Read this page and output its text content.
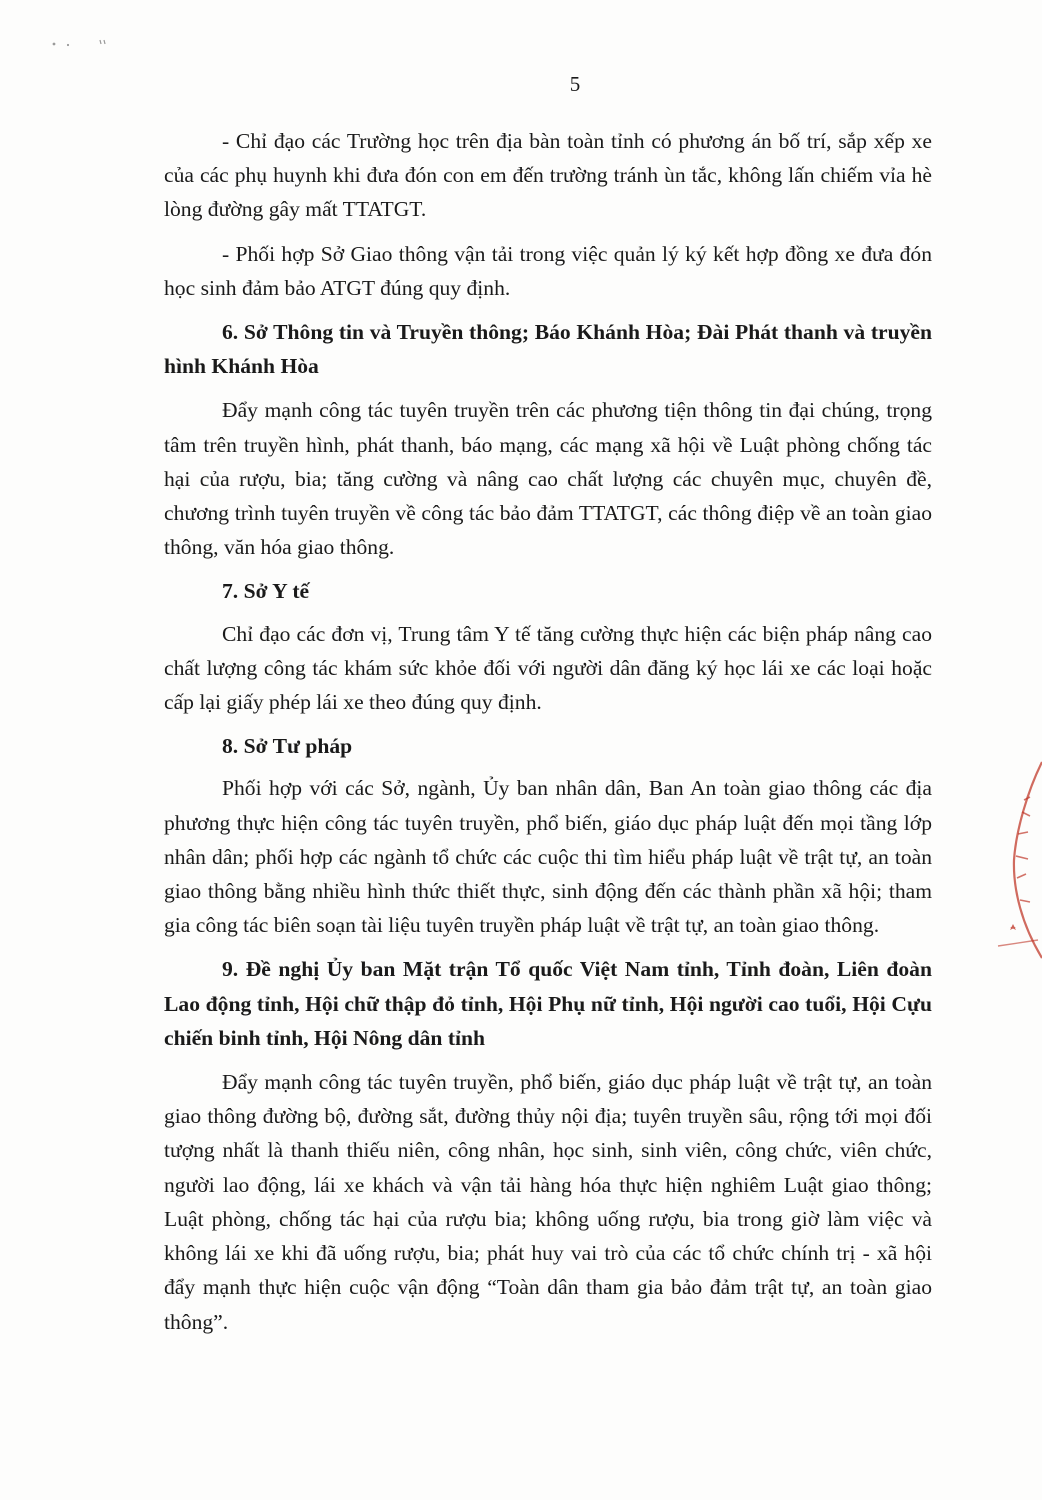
5

- Chỉ đạo các Trường học trên địa bàn toàn tỉnh có phương án bố trí, sắp xếp xe của các phụ huynh khi đưa đón con em đến trường tránh ùn tắc, không lấn chiếm vỉa hè lòng đường gây mất TTATGT.

- Phối hợp Sở Giao thông vận tải trong việc quản lý ký kết hợp đồng xe đưa đón học sinh đảm bảo ATGT đúng quy định.

6. Sở Thông tin và Truyền thông; Báo Khánh Hòa; Đài Phát thanh và truyền hình Khánh Hòa

Đẩy mạnh công tác tuyên truyền trên các phương tiện thông tin đại chúng, trọng tâm trên truyền hình, phát thanh, báo mạng, các mạng xã hội về Luật phòng chống tác hại của rượu, bia; tăng cường và nâng cao chất lượng các chuyên mục, chuyên đề, chương trình tuyên truyền về công tác bảo đảm TTATGT, các thông điệp về an toàn giao thông, văn hóa giao thông.

7. Sở Y tế

Chỉ đạo các đơn vị, Trung tâm Y tế tăng cường thực hiện các biện pháp nâng cao chất lượng công tác khám sức khỏe đối với người dân đăng ký học lái xe các loại hoặc cấp lại giấy phép lái xe theo đúng quy định.

8. Sở Tư pháp

Phối hợp với các Sở, ngành, Ủy ban nhân dân, Ban An toàn giao thông các địa phương thực hiện công tác tuyên truyền, phổ biến, giáo dục pháp luật đến mọi tầng lớp nhân dân; phối hợp các ngành tổ chức các cuộc thi tìm hiểu pháp luật về trật tự, an toàn giao thông bằng nhiều hình thức thiết thực, sinh động đến các thành phần xã hội; tham gia công tác biên soạn tài liệu tuyên truyền pháp luật về trật tự, an toàn giao thông.

9. Đề nghị Ủy ban Mặt trận Tổ quốc Việt Nam tỉnh, Tỉnh đoàn, Liên đoàn Lao động tỉnh, Hội chữ thập đỏ tỉnh, Hội Phụ nữ tỉnh, Hội người cao tuổi, Hội Cựu chiến binh tỉnh, Hội Nông dân tỉnh

Đẩy mạnh công tác tuyên truyền, phổ biến, giáo dục pháp luật về trật tự, an toàn giao thông đường bộ, đường sắt, đường thủy nội địa; tuyên truyền sâu, rộng tới mọi đối tượng nhất là thanh thiếu niên, công nhân, học sinh, sinh viên, công chức, viên chức, người lao động, lái xe khách và vận tải hàng hóa thực hiện nghiêm Luật giao thông; Luật phòng, chống tác hại của rượu bia; không uống rượu, bia trong giờ làm việc và không lái xe khi đã uống rượu, bia; phát huy vai trò của các tổ chức chính trị - xã hội đẩy mạnh thực hiện cuộc vận động “Toàn dân tham gia bảo đảm trật tự, an toàn giao thông”.
